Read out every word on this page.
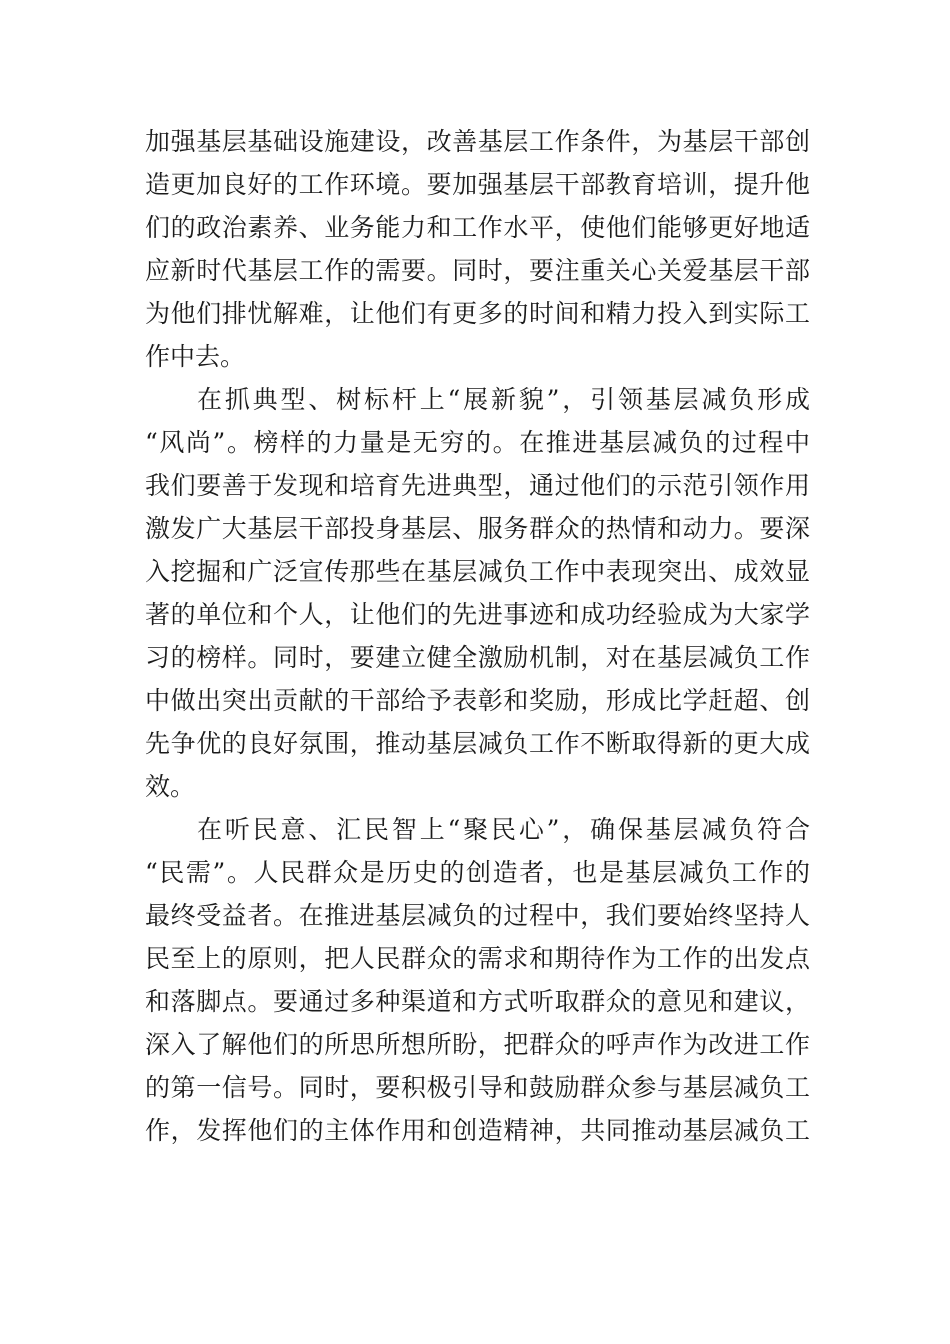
加强基层基础设施建设，改善基层工作条件，为基层干部创
造更加良好的工作环境。要加强基层干部教育培训，提升他
们的政治素养、业务能力和工作水平，使他们能够更好地适
应新时代基层工作的需要。同时，要注重关心关爱基层干部
为他们排忧解难，让他们有更多的时间和精力投入到实际工
作中去。
在抓典型、树标杆上“展新貌”，引领基层减负形成
“风尚”。榜样的力量是无穷的。在推进基层减负的过程中
我们要善于发现和培育先进典型，通过他们的示范引领作用
激发广大基层干部投身基层、服务群众的热情和动力。要深
入挖掘和广泛宣传那些在基层减负工作中表现突出、成效显
著的单位和个人，让他们的先进事迹和成功经验成为大家学
习的榜样。同时，要建立健全激励机制，对在基层减负工作
中做出突出贡献的干部给予表彰和奖励，形成比学赶超、创
先争优的良好氛围，推动基层减负工作不断取得新的更大成
效。
在听民意、汇民智上“聚民心”，确保基层减负符合
“民需”。人民群众是历史的创造者，也是基层减负工作的
最终受益者。在推进基层减负的过程中，我们要始终坚持人
民至上的原则，把人民群众的需求和期待作为工作的出发点
和落脚点。要通过多种渠道和方式听取群众的意见和建议，
深入了解他们的所思所想所盼，把群众的呼声作为改进工作
的第一信号。同时，要积极引导和鼓励群众参与基层减负工
作，发挥他们的主体作用和创造精神，共同推动基层减负工
